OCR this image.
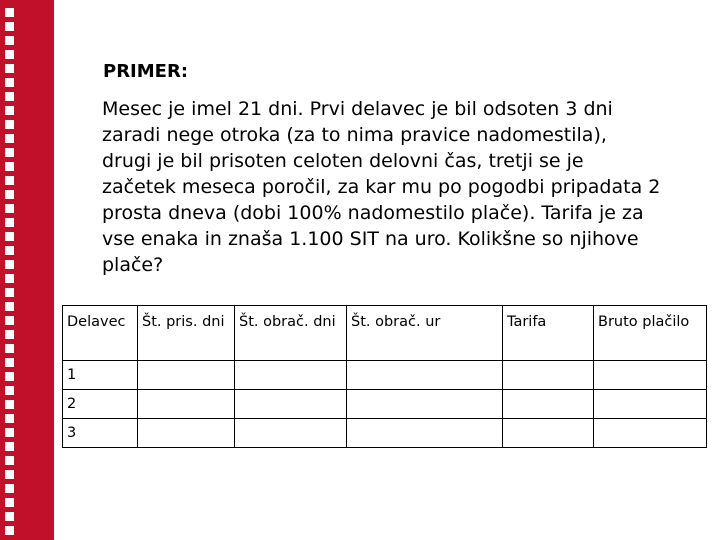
PRIMER:
Mesec je imel 21 dni. Prvi delavec je bil odsoten 3 dni zaradi nege otroka (za to nima pravice nadomestila), drugi je bil prisoten celoten delovni čas, tretji se je začetek meseca poročil, za kar mu po pogodbi pripadata 2 prosta dneva (dobi 100% nadomestilo plače). Tarifa je za vse enaka in znaša 1.100 SIT na uro. Kolikšne so njihove plače?
Delavec	Št. pris. dni	Št. obrač. dni	Št. obrač. ur	Tarifa	Bruto plačilo
1					
2					
3					
